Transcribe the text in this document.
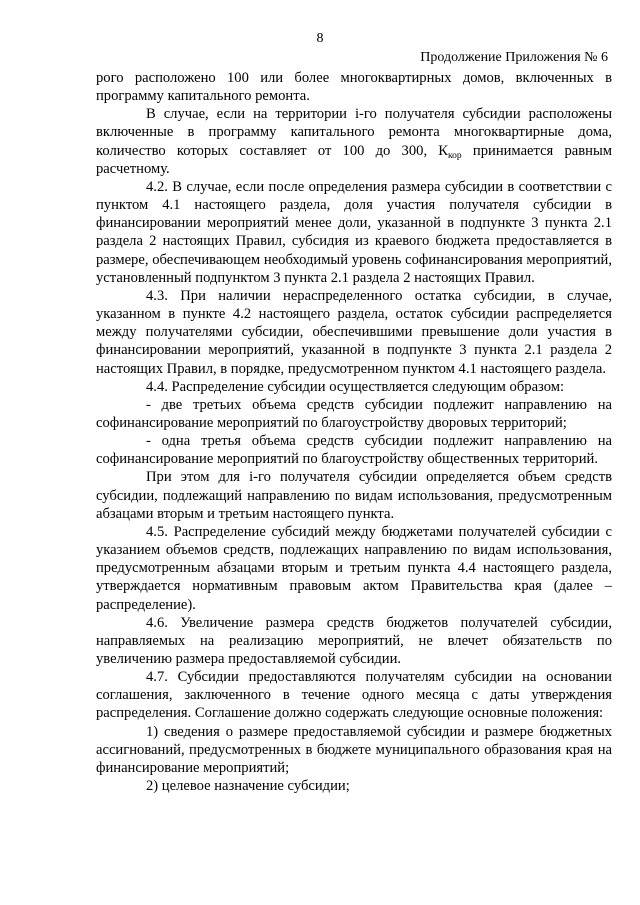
8
Продолжение Приложения № 6

рого расположено 100 или более многоквартирных домов, включенных в программу капитального ремонта.

В случае, если на территории i-го получателя субсидии расположены включенные в программу капитального ремонта многоквартирные дома, количество которых составляет от 100 до 300, $К_{кор}$ принимается равным расчетному.

4.2. В случае, если после определения размера субсидии в соответствии с пунктом 4.1 настоящего раздела, доля участия получателя субсидии в финансировании мероприятий менее доли, указанной в подпункте 3 пункта 2.1 раздела 2 настоящих Правил, субсидия из краевого бюджета предоставляется в размере, обеспечивающем необходимый уровень софинансирования мероприятий, установленный подпунктом 3 пункта 2.1 раздела 2 настоящих Правил.

4.3. При наличии нераспределенного остатка субсидии, в случае, указанном в пункте 4.2 настоящего раздела, остаток субсидии распределяется между получателями субсидии, обеспечившими превышение доли участия в финансировании мероприятий, указанной в подпункте 3 пункта 2.1 раздела 2 настоящих Правил, в порядке, предусмотренном пунктом 4.1 настоящего раздела.

4.4. Распределение субсидии осуществляется следующим образом:

- две третьих объема средств субсидии подлежит направлению на софинансирование мероприятий по благоустройству дворовых территорий;

- одна третья объема средств субсидии подлежит направлению на софинансирование мероприятий по благоустройству общественных территорий.

При этом для i-го получателя субсидии определяется объем средств субсидии, подлежащий направлению по видам использования, предусмотренным абзацами вторым и третьим настоящего пункта.

4.5. Распределение субсидий между бюджетами получателей субсидии с указанием объемов средств, подлежащих направлению по видам использования, предусмотренным абзацами вторым и третьим пункта 4.4 настоящего раздела, утверждается нормативным правовым актом Правительства края (далее – распределение).

4.6. Увеличение размера средств бюджетов получателей субсидии, направляемых на реализацию мероприятий, не влечет обязательств по увеличению размера предоставляемой субсидии.

4.7. Субсидии предоставляются получателям субсидии на основании соглашения, заключенного в течение одного месяца с даты утверждения распределения. Соглашение должно содержать следующие основные положения:

1) сведения о размере предоставляемой субсидии и размере бюджетных ассигнований, предусмотренных в бюджете муниципального образования края на финансирование мероприятий;

2) целевое назначение субсидии;
